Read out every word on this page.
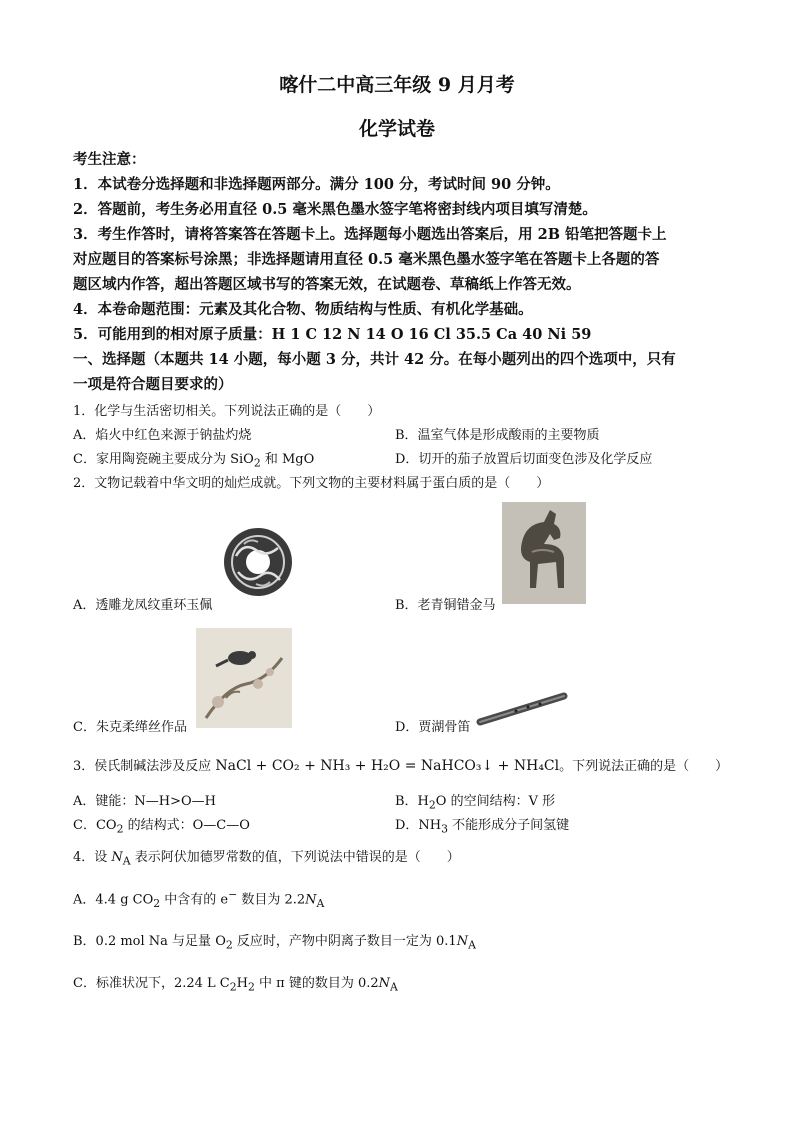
喀什二中高三年级 9 月月考
化学试卷
考生注意：
1．本试卷分选择题和非选择题两部分。满分 100 分，考试时间 90 分钟。
2．答题前，考生务必用直径 0.5 毫米黑色墨水签字笔将密封线内项目填写清楚。
3．考生作答时，请将答案答在答题卡上。选择题每小题选出答案后，用 2B 铅笔把答题卡上
对应题目的答案标号涂黑；非选择题请用直径 0.5 毫米黑色墨水签字笔在答题卡上各题的答
题区域内作答，超出答题区域书写的答案无效，在试题卷、草稿纸上作答无效。
4．本卷命题范围：元素及其化合物、物质结构与性质、有机化学基础。
5．可能用到的相对原子质量：H 1 C 12 N 14 O 16 Cl 35.5 Ca 40 Ni 59
一、选择题（本题共 14 小题，每小题 3 分，共计 42 分。在每小题列出的四个选项中，只有
一项是符合题目要求的）
1．化学与生活密切相关。下列说法正确的是（　　）
A．焰火中红色来源于钠盐灼烧	B．温室气体是形成酸雨的主要物质
C．家用陶瓷碗主要成分为 SiO$_2$ 和 MgO	D．切开的茄子放置后切面变色涉及化学反应
2．文物记载着中华文明的灿烂成就。下列文物的主要材料属于蛋白质的是（　　）
A．透雕龙凤纹重环玉佩	B．老青铜错金马
C．朱克柔缂丝作品	D．贾湖骨笛
3．侯氏制碱法涉及反应 NaCl + CO₂ + NH₃ + H₂O = NaHCO₃↓ + NH₄Cl。下列说法正确的是（　　）
A．键能：N—H>O—H	B．$H_2O$ 的空间结构：V 形
C．$CO_2$ 的结构式：O—C—O	D．$NH_3$ 不能形成分子间氢键
4．设 $N_A$ 表示阿伏加德罗常数的值，下列说法中错误的是（　　）
A．4.4 g $CO_2$ 中含有的 e− 数目为 $2.2N_A$
B．0.2 mol Na 与足量 $O_2$ 反应时，产物中阴离子数目一定为 $0.1N_A$
C．标准状况下，2.24 L $C_2H_2$ 中 π 键的数目为 $0.2N_A$
